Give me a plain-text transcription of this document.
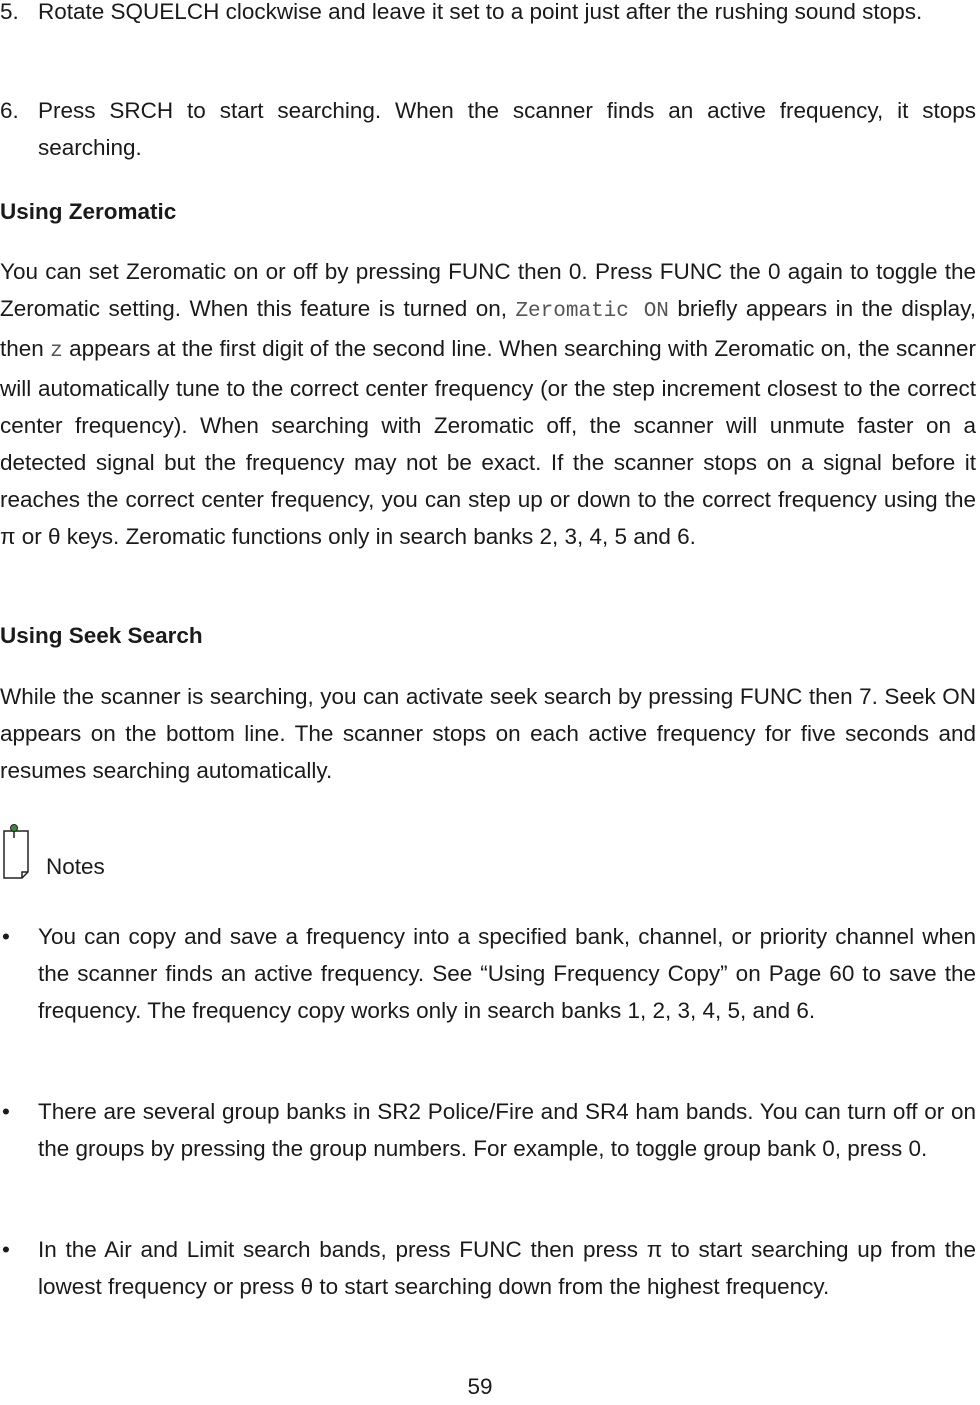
5. Rotate SQUELCH clockwise and leave it set to a point just after the rushing sound stops.
6. Press SRCH to start searching. When the scanner finds an active frequency, it stops searching.
Using Zeromatic
You can set Zeromatic on or off by pressing FUNC then 0. Press FUNC the 0 again to toggle the Zeromatic setting. When this feature is turned on, Zeromatic ON briefly appears in the display, then z appears at the first digit of the second line. When searching with Zeromatic on, the scanner will automatically tune to the correct center frequency (or the step increment closest to the correct center frequency). When searching with Zeromatic off, the scanner will unmute faster on a detected signal but the frequency may not be exact. If the scanner stops on a signal before it reaches the correct center frequency, you can step up or down to the correct frequency using the π or θ keys. Zeromatic functions only in search banks 2, 3, 4, 5 and 6.
Using Seek Search
While the scanner is searching, you can activate seek search by pressing FUNC then 7. Seek ON appears on the bottom line. The scanner stops on each active frequency for five seconds and resumes searching automatically.
Notes
• You can copy and save a frequency into a specified bank, channel, or priority channel when the scanner finds an active frequency. See “Using Frequency Copy” on Page 60 to save the frequency. The frequency copy works only in search banks 1, 2, 3, 4, 5, and 6.
• There are several group banks in SR2 Police/Fire and SR4 ham bands. You can turn off or on the groups by pressing the group numbers. For example, to toggle group bank 0, press 0.
• In the Air and Limit search bands, press FUNC then press π to start searching up from the lowest frequency or press θ to start searching down from the highest frequency.
59
